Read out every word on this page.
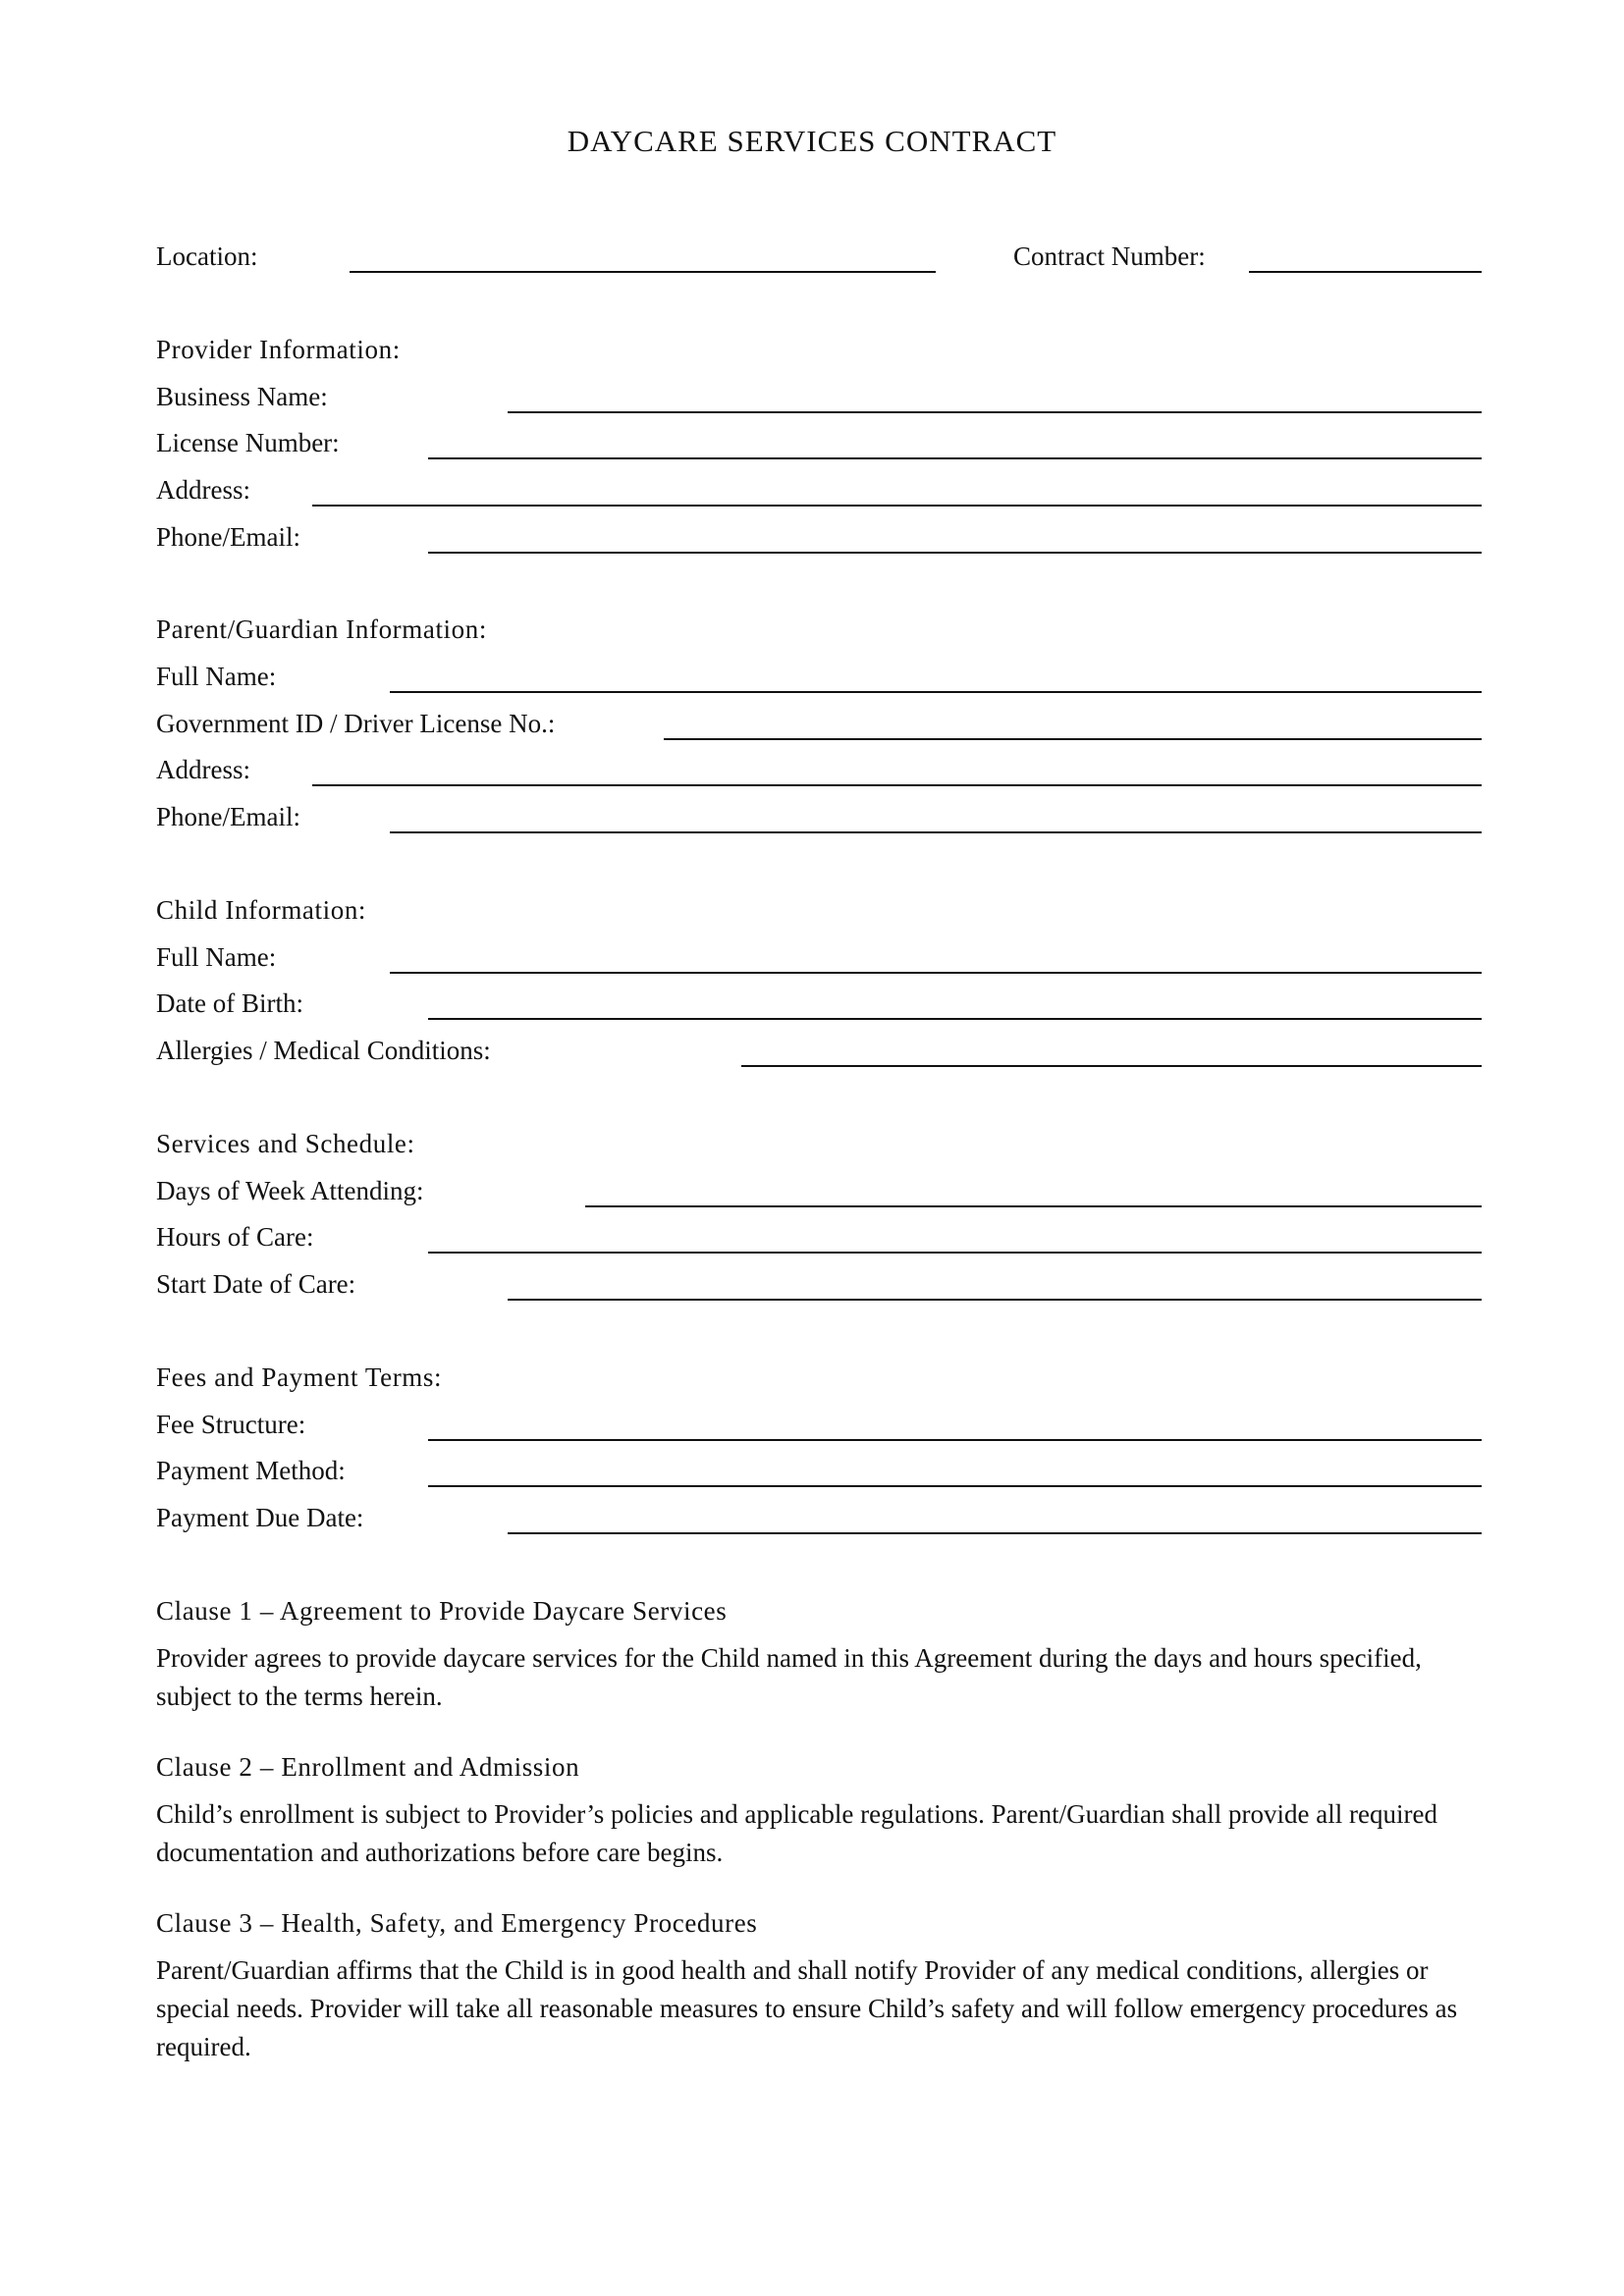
DAYCARE SERVICES CONTRACT
Location:	Contract Number:
Provider Information:
Business Name:
License Number:
Address:
Phone/Email:
Parent/Guardian Information:
Full Name:
Government ID / Driver License No.:
Address:
Phone/Email:
Child Information:
Full Name:
Date of Birth:
Allergies / Medical Conditions:
Services and Schedule:
Days of Week Attending:
Hours of Care:
Start Date of Care:
Fees and Payment Terms:
Fee Structure:
Payment Method:
Payment Due Date:
Clause 1 – Agreement to Provide Daycare Services

Provider agrees to provide daycare services for the Child named in this Agreement during the days and hours specified, subject to the terms herein.

Clause 2 – Enrollment and Admission

Child’s enrollment is subject to Provider’s policies and applicable regulations. Parent/Guardian shall provide all required documentation and authorizations before care begins.

Clause 3 – Health, Safety, and Emergency Procedures

Parent/Guardian affirms that the Child is in good health and shall notify Provider of any medical conditions, allergies or special needs. Provider will take all reasonable measures to ensure Child’s safety and will follow emergency procedures as required.
